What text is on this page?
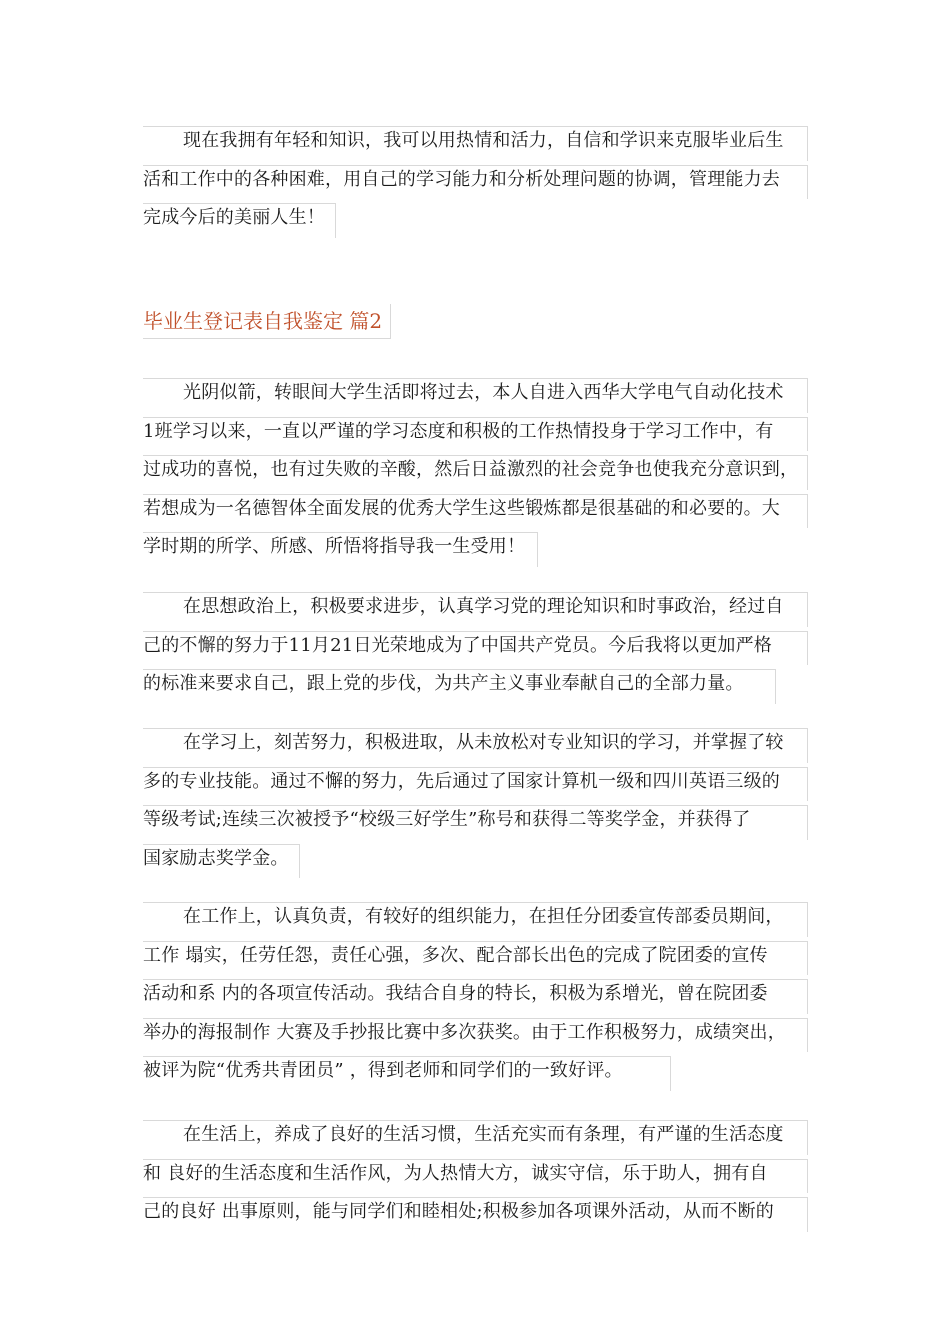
现在我拥有年轻和知识，我可以用热情和活力，自信和学识来克服毕业后生
活和工作中的各种困难，用自己的学习能力和分析处理问题的协调，管理能力去
完成今后的美丽人生！
毕业生登记表自我鉴定 篇2
光阴似箭，转眼间大学生活即将过去，本人自进入西华大学电气自动化技术
1班学习以来，一直以严谨的学习态度和积极的工作热情投身于学习工作中，有
过成功的喜悦，也有过失败的辛酸，然后日益激烈的社会竞争也使我充分意识到，
若想成为一名德智体全面发展的优秀大学生这些锻炼都是很基础的和必要的。大
学时期的所学、所感、所悟将指导我一生受用！
在思想政治上，积极要求进步，认真学习党的理论知识和时事政治，经过自
己的不懈的努力于11月21日光荣地成为了中国共产党员。今后我将以更加严格
的标准来要求自己，跟上党的步伐，为共产主义事业奉献自己的全部力量。
在学习上，刻苦努力，积极进取，从未放松对专业知识的学习，并掌握了较
多的专业技能。通过不懈的努力，先后通过了国家计算机一级和四川英语三级的
等级考试;连续三次被授予“校级三好学生”称号和获得二等奖学金，并获得了
国家励志奖学金。
在工作上，认真负责，有较好的组织能力，在担任分团委宣传部委员期间，
工作 塌实，任劳任怨，责任心强，多次、配合部长出色的完成了院团委的宣传
活动和系 内的各项宣传活动。我结合自身的特长，积极为系增光，曾在院团委
举办的海报制作 大赛及手抄报比赛中多次获奖。由于工作积极努力，成绩突出，
被评为院“优秀共青团员” ，得到老师和同学们的一致好评。
在生活上，养成了良好的生活习惯，生活充实而有条理，有严谨的生活态度
和 良好的生活态度和生活作风，为人热情大方，诚实守信，乐于助人，拥有自
己的良好 出事原则，能与同学们和睦相处;积极参加各项课外活动，从而不断的
